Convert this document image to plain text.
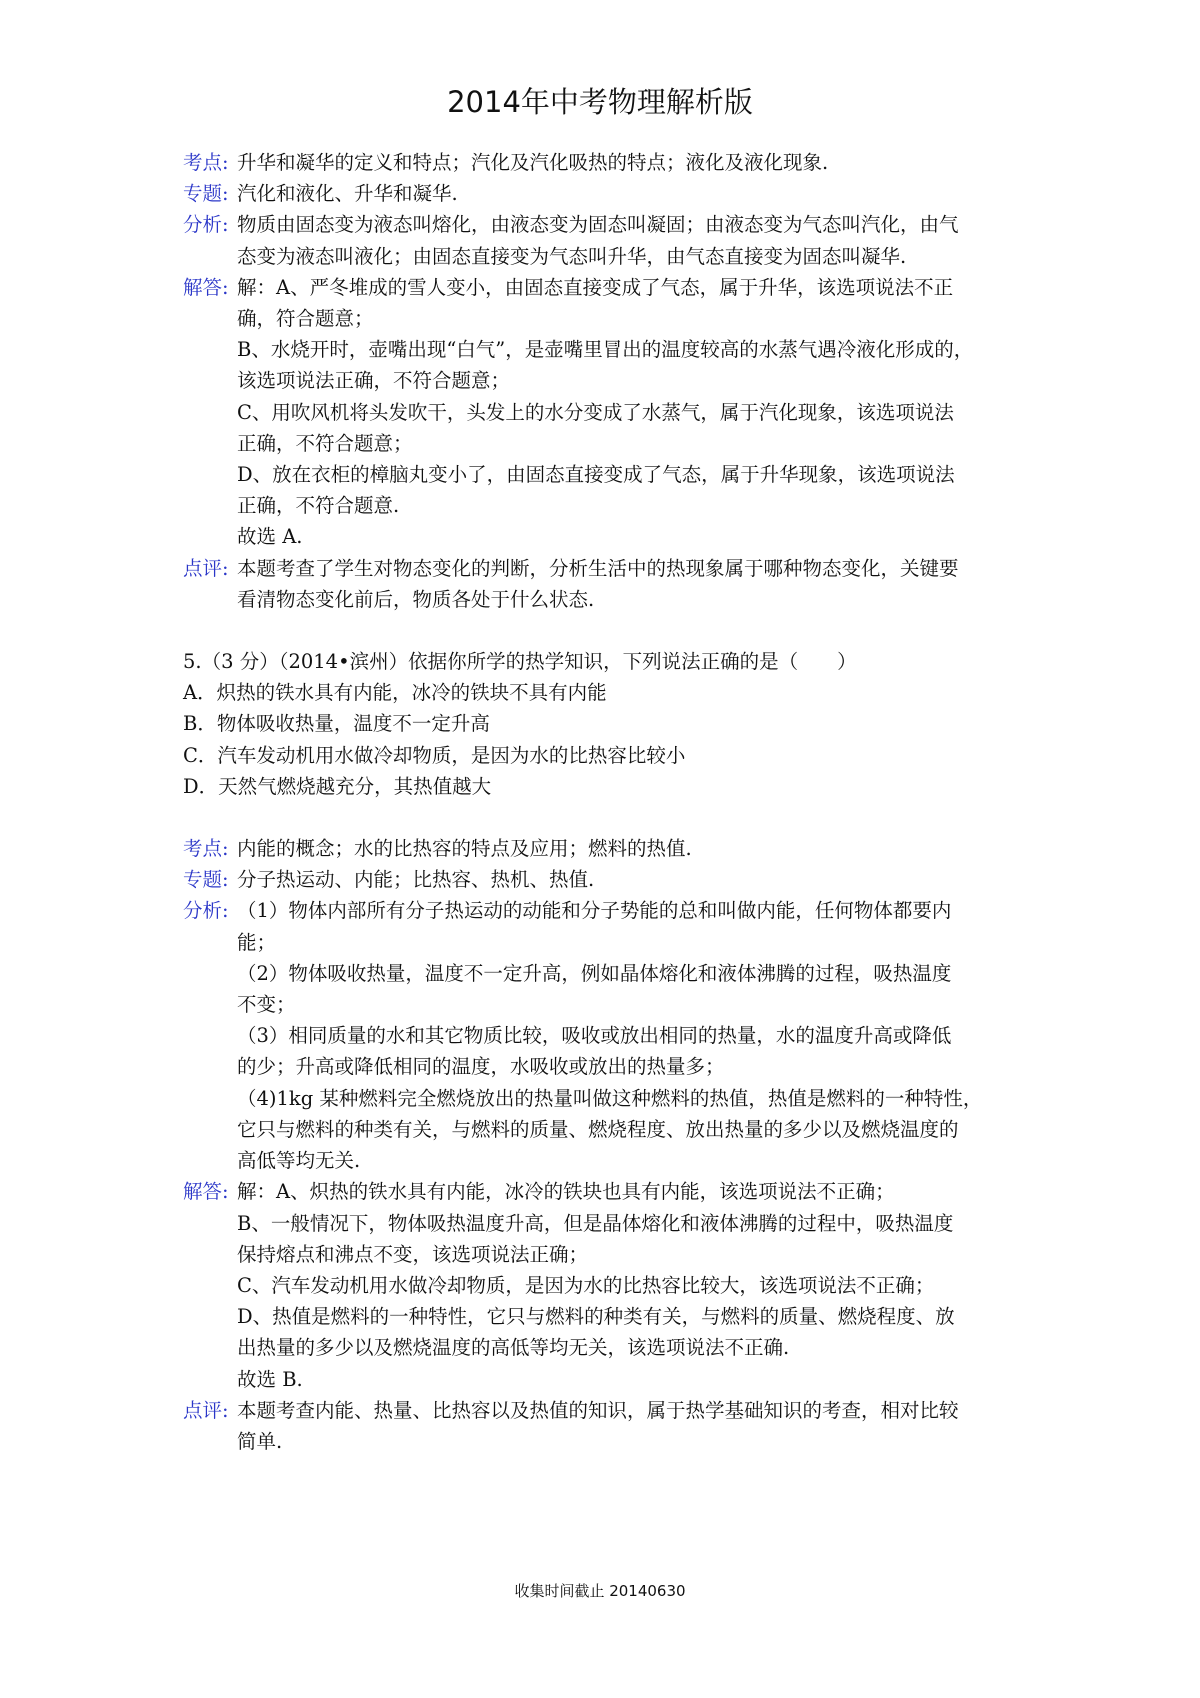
2014年中考物理解析版
考点: 升华和凝华的定义和特点；汽化及汽化吸热的特点；液化及液化现象.
专题: 汽化和液化、升华和凝华.
分析: 物质由固态变为液态叫熔化，由液态变为固态叫凝固；由液态变为气态叫汽化，由气
态变为液态叫液化；由固态直接变为气态叫升华，由气态直接变为固态叫凝华.
解答: 解：A、严冬堆成的雪人变小，由固态直接变成了气态，属于升华，该选项说法不正
确，符合题意；
B、水烧开时，壶嘴出现“白气”，是壶嘴里冒出的温度较高的水蒸气遇冷液化形成的，
该选项说法正确，不符合题意；
C、用吹风机将头发吹干，头发上的水分变成了水蒸气，属于汽化现象，该选项说法
正确，不符合题意；
D、放在衣柜的樟脑丸变小了，由固态直接变成了气态，属于升华现象，该选项说法
正确，不符合题意.
故选 A.
点评: 本题考查了学生对物态变化的判断，分析生活中的热现象属于哪种物态变化，关键要
看清物态变化前后，物质各处于什么状态.
5.（3 分）（2014•滨州）依据你所学的热学知识，下列说法正确的是（　　）
A．炽热的铁水具有内能，冰冷的铁块不具有内能
B．物体吸收热量，温度不一定升高
C．汽车发动机用水做冷却物质，是因为水的比热容比较小
D．天然气燃烧越充分，其热值越大
考点: 内能的概念；水的比热容的特点及应用；燃料的热值.
专题: 分子热运动、内能；比热容、热机、热值.
分析: （1）物体内部所有分子热运动的动能和分子势能的总和叫做内能，任何物体都要内
能；
（2）物体吸收热量，温度不一定升高，例如晶体熔化和液体沸腾的过程，吸热温度
不变；
（3）相同质量的水和其它物质比较，吸收或放出相同的热量，水的温度升高或降低
的少；升高或降低相同的温度，水吸收或放出的热量多；
（4)1kg 某种燃料完全燃烧放出的热量叫做这种燃料的热值，热值是燃料的一种特性，
它只与燃料的种类有关，与燃料的质量、燃烧程度、放出热量的多少以及燃烧温度的
高低等均无关.
解答: 解：A、炽热的铁水具有内能，冰冷的铁块也具有内能，该选项说法不正确；
B、一般情况下，物体吸热温度升高，但是晶体熔化和液体沸腾的过程中，吸热温度
保持熔点和沸点不变，该选项说法正确；
C、汽车发动机用水做冷却物质，是因为水的比热容比较大，该选项说法不正确；
D、热值是燃料的一种特性，它只与燃料的种类有关，与燃料的质量、燃烧程度、放
出热量的多少以及燃烧温度的高低等均无关，该选项说法不正确.
故选 B.
点评: 本题考查内能、热量、比热容以及热值的知识，属于热学基础知识的考查，相对比较
简单.
收集时间截止 20140630
